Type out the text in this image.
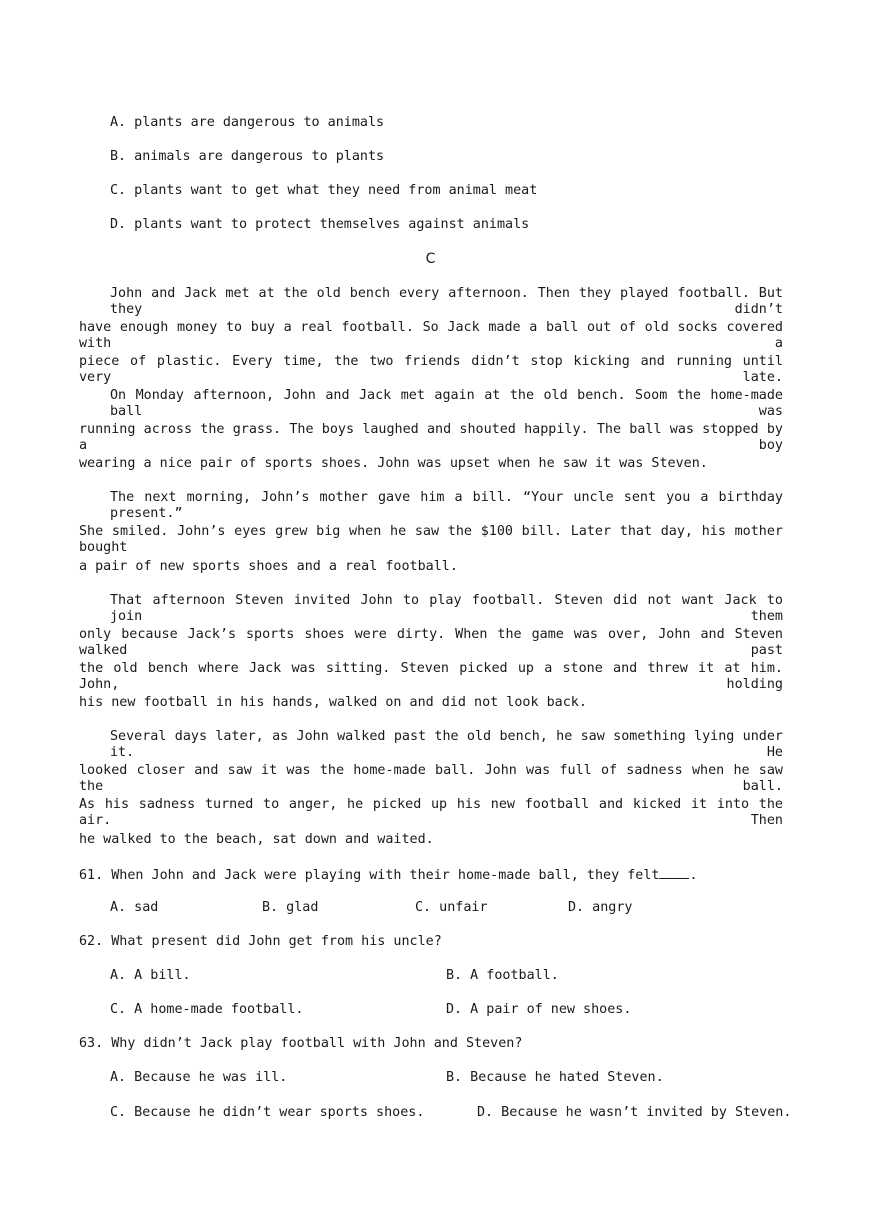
A. plants are dangerous to animals
B. animals are dangerous to plants
C. plants want to get what they need from animal meat
D. plants want to protect themselves against animals
C
John and Jack met at the old bench every afternoon. Then they played football. But they didn’t
have enough money to buy a real football. So Jack made a ball out of old socks covered with a
piece of plastic. Every time, the two friends didn’t stop kicking and running until very late.
On Monday afternoon, John and Jack met again at the old bench. Soom the home-made ball was
running across the grass. The boys laughed and shouted happily. The ball was stopped by a boy
wearing a nice pair of sports shoes. John was upset when he saw it was Steven.
The next morning, John’s mother gave him a bill. “Your uncle sent you a birthday present.”
She smiled. John’s eyes grew big when he saw the $100 bill. Later that day, his mother bought
a pair of new sports shoes and a real football.
That afternoon Steven invited John to play football. Steven did not want Jack to join them
only because Jack’s sports shoes were dirty. When the game was over, John and Steven walked past
the old bench where Jack was sitting. Steven picked up a stone and threw it at him. John, holding
his new football in his hands, walked on and did not look back.
Several days later, as John walked past the old bench, he saw something lying under it. He
looked closer and saw it was the home-made ball. John was full of sadness when he saw the ball.
As his sadness turned to anger, he picked up his new football and kicked it into the air. Then
he walked to the beach, sat down and waited.
61. When John and Jack were playing with their home-made ball, they felt .
A. sad	B. glad	C. unfair	D. angry
62. What present did John get from his uncle?
A. A bill.	B. A football.
C. A home-made football.	D. A pair of new shoes.
63. Why didn’t Jack play football with John and Steven?
A. Because he was ill.	B. Because he hated Steven.
C. Because he didn’t wear sports shoes.	D. Because he wasn’t invited by Steven.
